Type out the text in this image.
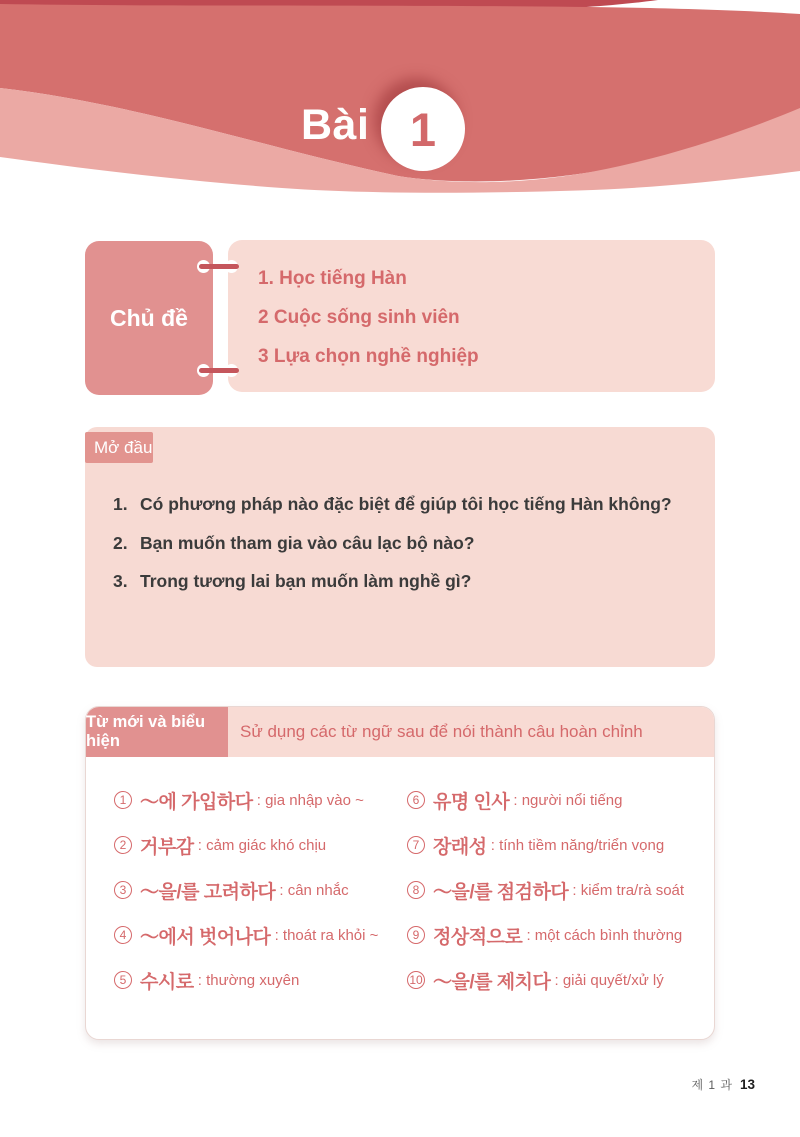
Bài 1
Chủ đề
1. Học tiếng Hàn
2 Cuộc sống sinh viên
3 Lựa chọn nghề nghiệp
Mở đầu
1. Có phương pháp nào đặc biệt để giúp tôi học tiếng Hàn không?
2. Bạn muốn tham gia vào câu lạc bộ nào?
3. Trong tương lai bạn muốn làm nghề gì?
Từ mới và biểu hiện	Sử dụng các từ ngữ sau để nói thành câu hoàn chỉnh
1 ～에 가입하다 : gia nhập vào ~
2 거부감 : cảm giác khó chịu
3 ～을/를 고려하다 : cân nhắc
4 ～에서 벗어나다 : thoát ra khỏi ~
5 수시로 : thường xuyên
6 유명 인사 : người nổi tiếng
7 장래성 : tính tiềm năng/triển vọng
8 ～을/를 점검하다 : kiểm tra/rà soát
9 정상적으로 : một cách bình thường
10 ～을/를 제치다 : giải quyết/xử lý
제 1 과 13
